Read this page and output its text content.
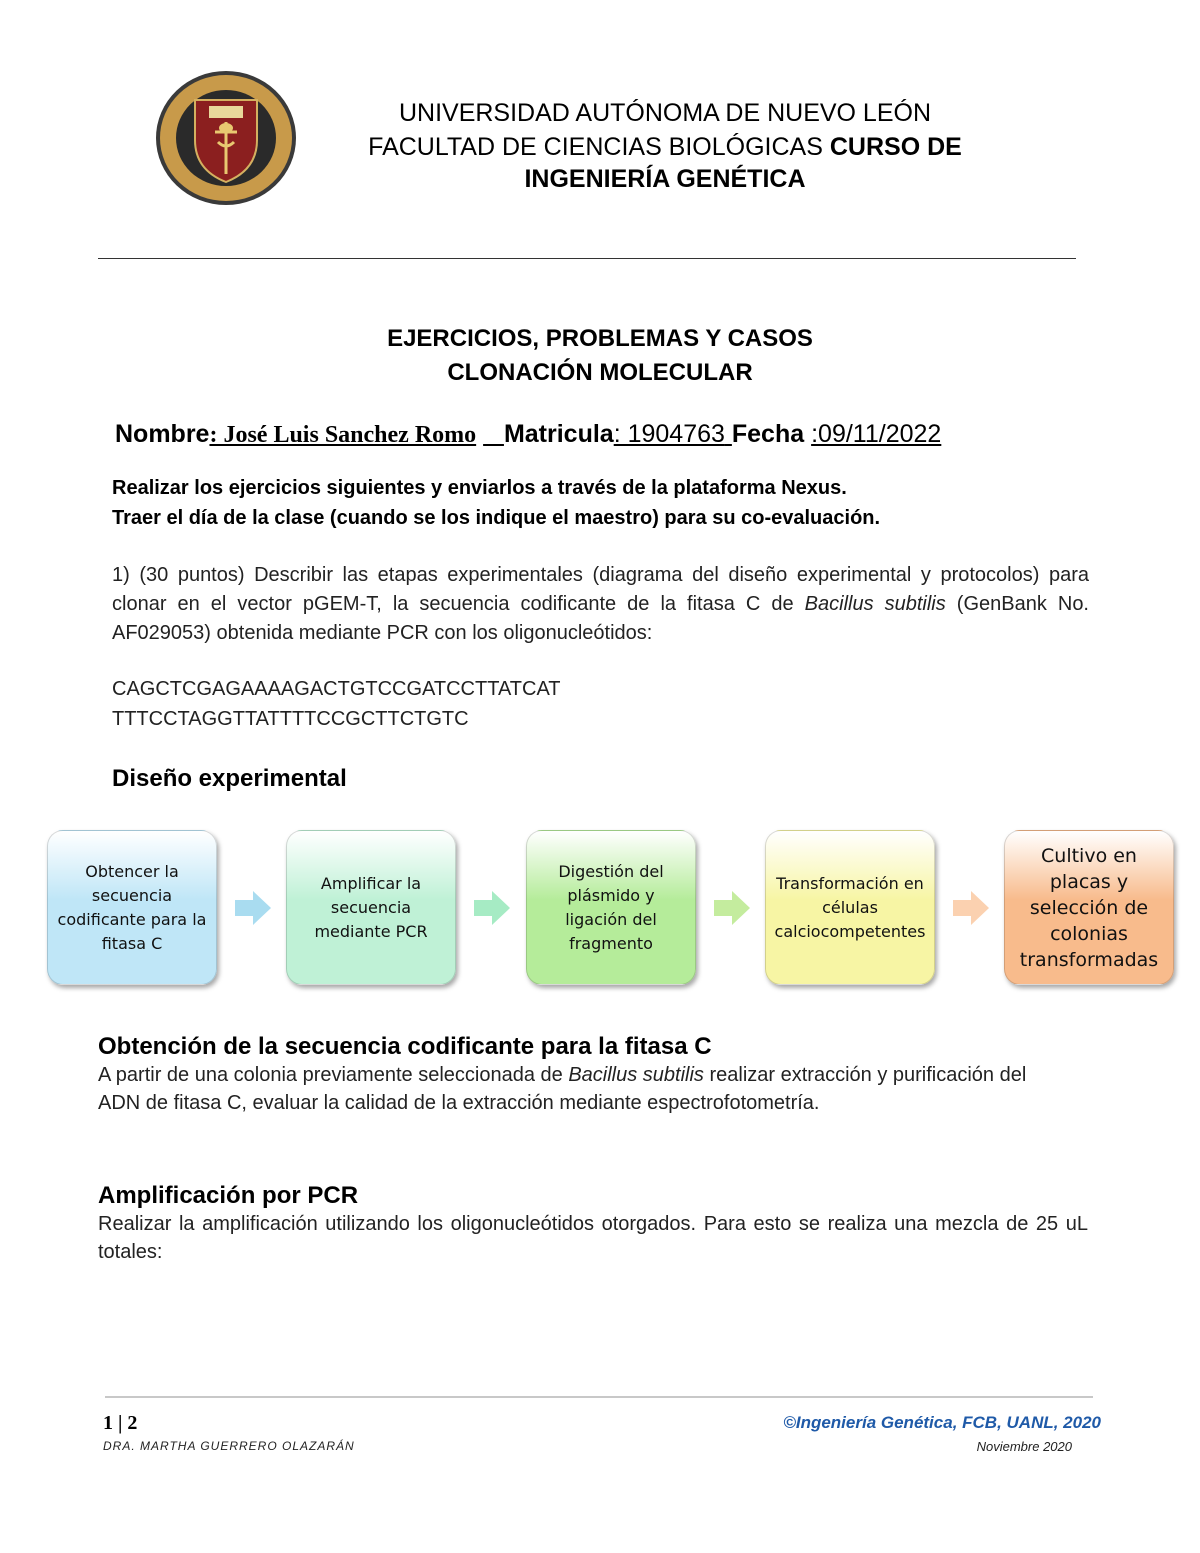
UNIVERSIDAD AUTÓNOMA DE NUEVO LEÓN
FACULTAD DE CIENCIAS BIOLÓGICAS CURSO DE
INGENIERÍA GENÉTICA
EJERCICIOS, PROBLEMAS Y CASOS
CLONACIÓN MOLECULAR
Nombre: José Luis Sanchez Romo Matricula: 1904763 Fecha :09/11/2022
Realizar los ejercicios siguientes y enviarlos a través de la plataforma Nexus.
Traer el día de la clase (cuando se los indique el maestro) para su co-evaluación.
1) (30 puntos) Describir las etapas experimentales (diagrama del diseño experimental y protocolos) para clonar en el vector pGEM-T, la secuencia codificante de la fitasa C de Bacillus subtilis (GenBank No. AF029053) obtenida mediante PCR con los oligonucleótidos:
CAGCTCGAGAAAAGACTGTCCGATCCTTATCAT
TTTCCTAGGTTATTTTCCGCTTCTGTC
Diseño experimental
Obtencer la secuencia codificante para la fitasa C
Amplificar la secuencia mediante PCR
Digestión del plásmido y ligación del fragmento
Transformación en células calciocompetentes
Cultivo en placas y selección de colonias transformadas
Obtención de la secuencia codificante para la fitasa C
A partir de una colonia previamente seleccionada de Bacillus subtilis realizar extracción y purificación del ADN de fitasa C, evaluar la calidad de la extracción mediante espectrofotometría.
Amplificación por PCR
Realizar la amplificación utilizando los oligonucleótidos otorgados. Para esto se realiza una mezcla de 25 uL totales:
1 | 2
DRA. MARTHA GUERRERO OLAZARÁN
©Ingeniería Genética, FCB, UANL, 2020
Noviembre 2020
